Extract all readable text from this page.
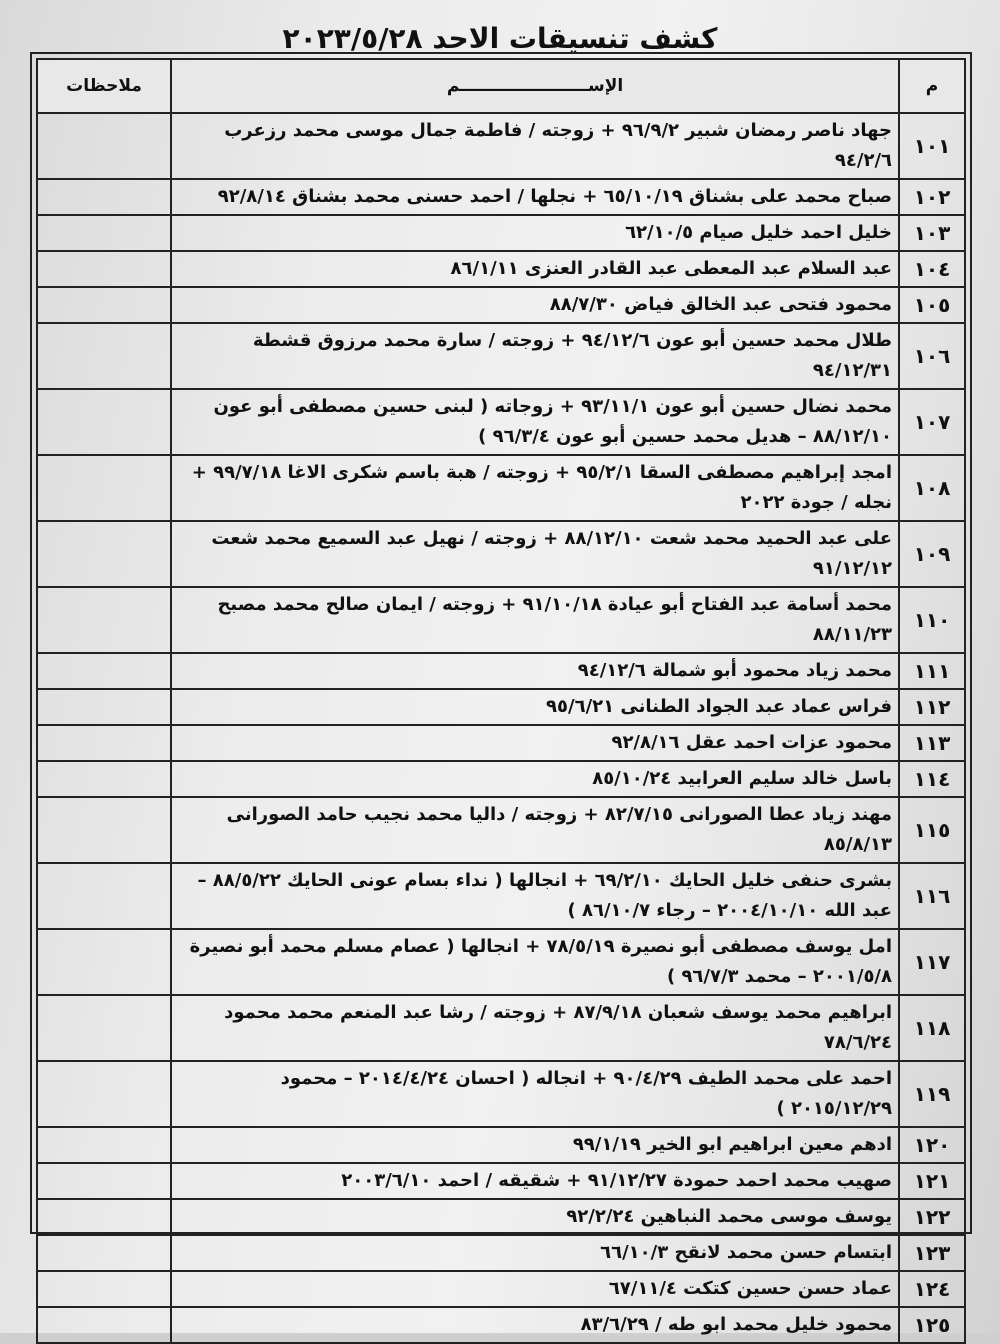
كشف تنسيقات الاحد ٢٠٢٣/٥/٢٨
م	الإســــــــــــــــــــــم	ملاحظات
١٠١	جهاد ناصر رمضان شبير ٩٦/٩/٢ + زوجته / فاطمة جمال موسى محمد رزعرب ٩٤/٢/٦	
١٠٢	صباح محمد على بشناق ٦٥/١٠/١٩ + نجلها / احمد حسنى محمد بشناق ٩٢/٨/١٤	
١٠٣	خليل احمد خليل صيام ٦٢/١٠/٥	
١٠٤	عبد السلام عبد المعطى عبد القادر العنزى ٨٦/١/١١	
١٠٥	محمود فتحى عبد الخالق فياض ٨٨/٧/٣٠	
١٠٦	طلال محمد حسين أبو عون ٩٤/١٢/٦ + زوجته / سارة محمد مرزوق قشطة ٩٤/١٢/٣١	
١٠٧	محمد نضال حسين أبو عون ٩٣/١١/١ + زوجاته ( لبنى حسين مصطفى أبو عون ٨٨/١٢/١٠ – هديل محمد حسين أبو عون ٩٦/٣/٤ )	
١٠٨	امجد إبراهيم مصطفى السقا ٩٥/٢/١ + زوجته / هبة باسم شكرى الاغا ٩٩/٧/١٨ + نجله / جودة ٢٠٢٢	
١٠٩	على عبد الحميد محمد شعت ٨٨/١٢/١٠ + زوجته / نهيل عبد السميع محمد شعت ٩١/١٢/١٢	
١١٠	محمد أسامة عبد الفتاح أبو عيادة ٩١/١٠/١٨ + زوجته / ايمان صالح محمد مصبح ٨٨/١١/٢٣	
١١١	محمد زياد محمود أبو شمالة ٩٤/١٢/٦	
١١٢	فراس عماد عبد الجواد الطنانى ٩٥/٦/٢١	
١١٣	محمود عزات احمد عقل ٩٢/٨/١٦	
١١٤	باسل خالد سليم العرابيد ٨٥/١٠/٢٤	
١١٥	مهند زياد عطا الصورانى ٨٢/٧/١٥ + زوجته / داليا محمد نجيب حامد الصورانى ٨٥/٨/١٣	
١١٦	بشرى حنفى خليل الحايك ٦٩/٢/١٠ + انجالها ( نداء بسام عونى الحايك ٨٨/٥/٢٢ – عبد الله ٢٠٠٤/١٠/١٠ – رجاء ٨٦/١٠/٧ )	
١١٧	امل يوسف مصطفى أبو نصيرة ٧٨/٥/١٩ + انجالها ( عصام مسلم محمد أبو نصيرة ٢٠٠١/٥/٨ – محمد ٩٦/٧/٣ )	
١١٨	ابراهيم محمد يوسف شعبان ٨٧/٩/١٨ + زوجته / رشا عبد المنعم محمد محمود ٧٨/٦/٢٤	
١١٩	احمد على محمد الطيف ٩٠/٤/٢٩ + انجاله ( احسان ٢٠١٤/٤/٢٤ – محمود ٢٠١٥/١٢/٢٩ )	
١٢٠	ادهم معين ابراهيم ابو الخير ٩٩/١/١٩	
١٢١	صهيب محمد احمد حمودة ٩١/١٢/٢٧ + شقيقه / احمد ٢٠٠٣/٦/١٠	
١٢٢	يوسف موسى محمد النباهين ٩٢/٢/٢٤	
١٢٣	ابتسام حسن محمد لانقح ٦٦/١٠/٣	
١٢٤	عماد حسن حسين كتكت ٦٧/١١/٤	
١٢٥	محمود خليل محمد ابو طه / ٨٣/٦/٢٩	
